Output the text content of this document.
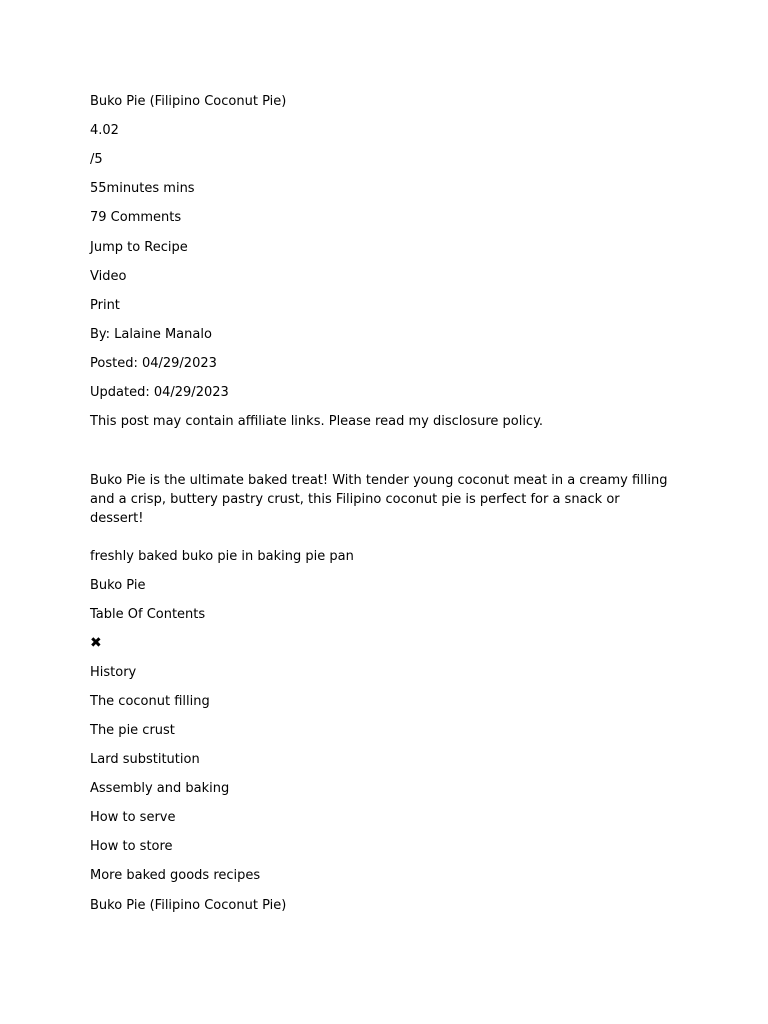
Buko Pie (Filipino Coconut Pie)
4.02
/5
55minutes mins
79 Comments
Jump to Recipe
Video
Print
By: Lalaine Manalo
Posted: 04/29/2023
Updated: 04/29/2023
This post may contain affiliate links. Please read my disclosure policy.
Buko Pie is the ultimate baked treat! With tender young coconut meat in a creamy filling and a crisp, buttery pastry crust, this Filipino coconut pie is perfect for a snack or dessert!
freshly baked buko pie in baking pie pan
Buko Pie
Table Of Contents
✖
History
The coconut filling
The pie crust
Lard substitution
Assembly and baking
How to serve
How to store
More baked goods recipes
Buko Pie (Filipino Coconut Pie)
